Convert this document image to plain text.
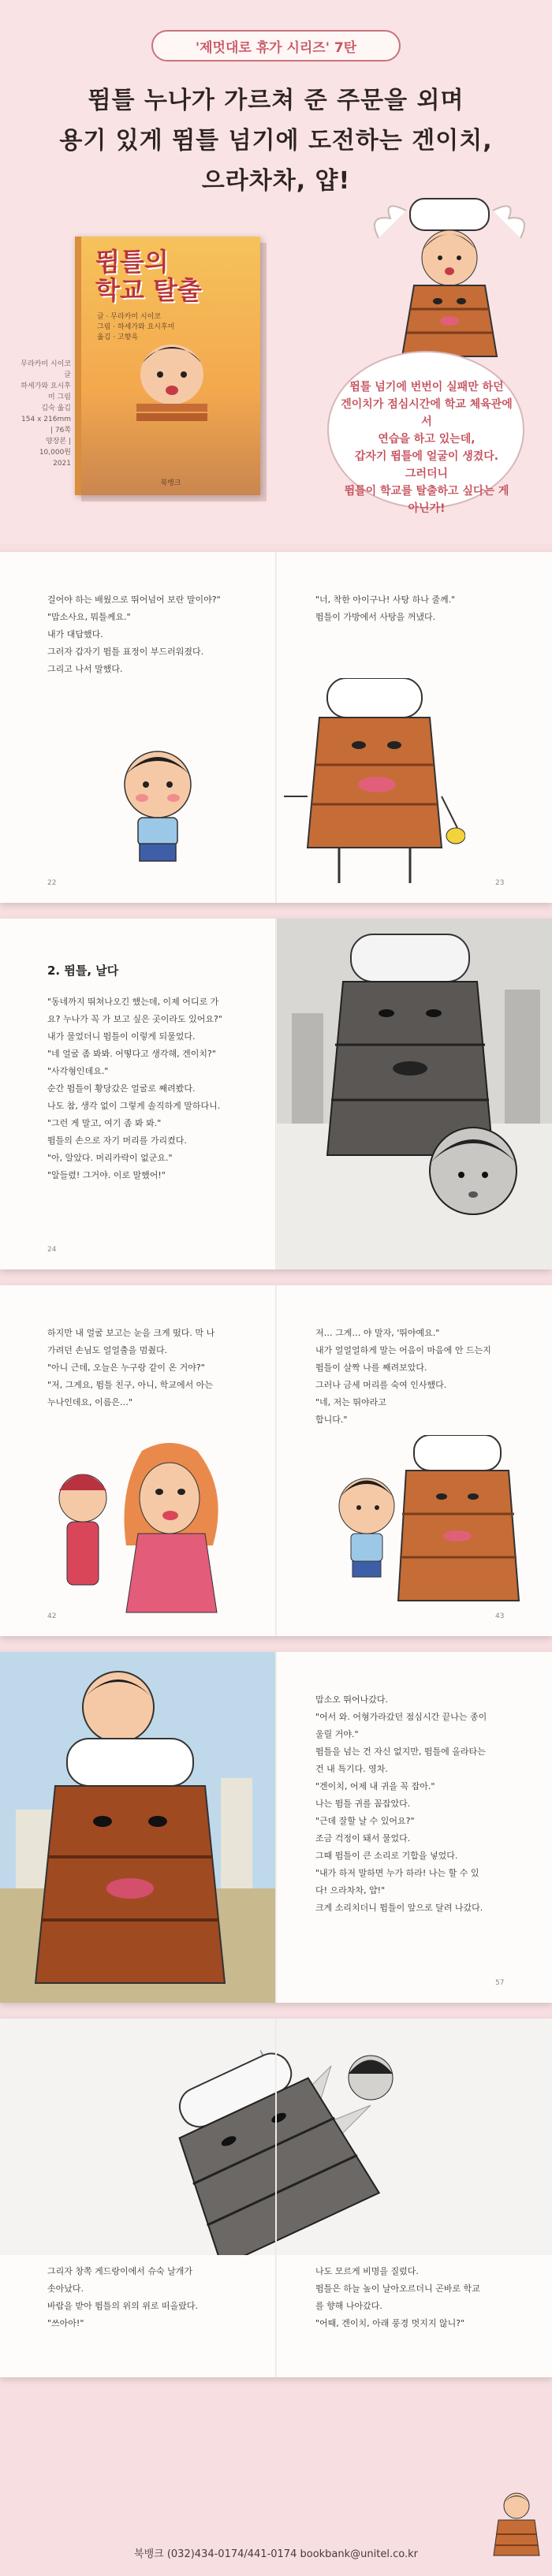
'제멋대로 휴가 시리즈' 7탄
뜀틀 누나가 가르쳐 준 주문을 외며
용기 있게 뜀틀 넘기에 도전하는 겐이치,
으라차차, 얍!
무라카미 시이코 글
하세가와 요시후미 그림
김숙 옮김
154 x 216mm | 76쪽
양장본 | 10,000원
2021
뜀틀의
학교 탈출
글 · 무라카미 시이코
그림 · 하세가와 요시후미
옮김 · 고향옥
북뱅크
뜀틀 넘기에 번번이 실패만 하던
겐이치가 점심시간에 학교 체육관에서
연습을 하고 있는데,
갑자기 뜀틀에 얼굴이 생겼다.
그러더니
뜀틀이 학교를 탈출하고 싶다는 게
아닌가!
걸어야 하는 배웠으로 뛰어넘어 보란 말이야?"
"맙소사요, 뭐틀께요."
내가 대답했다.
그러자 갑자기 뜀틀 표정이 부드러워졌다.
그리고 나서 말했다.
"너, 착한 아이구나! 사탕 하나 줄께."
뜀틀이 가방에서 사탕을 꺼냈다.
22	23
2. 뜀틀, 날다
"동네까지 뛰쳐나오긴 했는데, 이제 어디로 가
요? 누나가 꼭 가 보고 싶은 곳이라도 있어요?"
내가 물었더니 뜀틀이 이렇게 되물었다.
"네 얼굴 좀 봐봐. 어떻다고 생각해, 겐이치?"
"사각형인데요."
순간 뜀틀이 황당갔은 얼굴로 째려봤다.
나도 참, 생각 없이 그렇게 솔직하게 말하다니.
"그런 게 말고, 여기 좀 봐 봐."
뜀틀의 손으로 자기 머리를 가리켰다.
"아, 알았다. 머리카락이 없군요."
"알들렸! 그거야. 이로 말했어!"
24
하지만 내 얼굴 보고는 눈을 크게 떴다. 막 나
가려던 손님도 얼얼출을 멈췄다.
"아니 근데, 오늘은 누구랑 같이 온 거야?"
"저, 그게요, 뜀틀 친구, 아니, 학교에서 아는
누나인데요, 이름은…"
저… 그게… 야 말자, '뛰야예요."
내가 얼얼얼하게 말는 어음이 마음에 안 드는지
뜀틀이 살짝 나를 째려보았다.
그러나 금세 머리를 숙여 인사했다.
"네, 저는 뛰야라고
합니다."
42	43
맙소오 뛰어나갔다.
"어서 와. 어형가라갔던 점심시간 끝나는 종이
울릴 거야."
뜀틀을 넘는 건 자신 없지만, 뜀틀에 올라타는
건 내 특기다. 영차.
"겐이치, 어제 내 귀을 꼭 잡아."
나는 뜀틀 귀를 꼼잡았다.
"근데 잘할 날 수 있어요?"
조금 걱정이 돼서 물었다.
그때 뜀틀이 큰 소리로 기합을 넣었다.
"내가 하저 말하면 누가 하라! 나는 할 수 있
다! 으라차차, 얍!"
크게 소리치더니 뜀틀이 앞으로 달려 나갔다.
57
그리자 창쪽 게드랑이에서 슈숙 날개가
솟아났다.
바람을 받아 뜀틀의 위의 위로 떠올랐다.
"쓰아아!"
나도 모르게 비명을 질렀다.
뜀틀은 하늘 높이 날아오르더니 곤바로 학교
를 향해 나아갔다.
"어때, 겐이치, 아래 풍경 멋지지 않니?"
북뱅크 (032)434-0174/441-0174 bookbank@unitel.co.kr
